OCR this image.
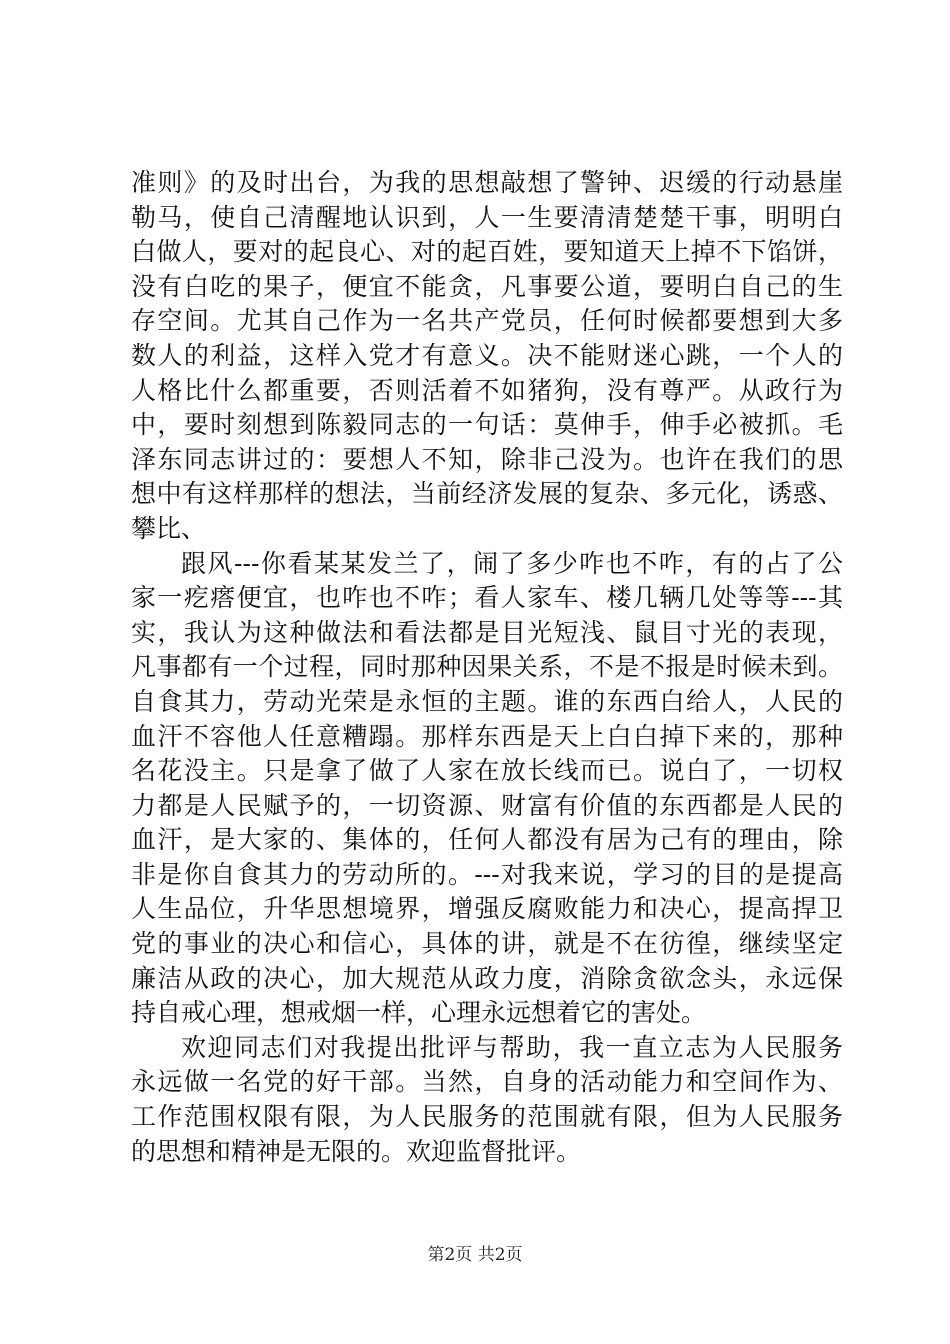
准则》的及时出台，为我的思想敲想了警钟、迟缓的行动悬崖
勒马，使自己清醒地认识到，人一生要清清楚楚干事，明明白
白做人，要对的起良心、对的起百姓，要知道天上掉不下馅饼，
没有白吃的果子，便宜不能贪，凡事要公道，要明白自己的生
存空间。尤其自己作为一名共产党员，任何时候都要想到大多
数人的利益，这样入党才有意义。决不能财迷心跳，一个人的
人格比什么都重要，否则活着不如猪狗，没有尊严。从政行为
中，要时刻想到陈毅同志的一句话：莫伸手，伸手必被抓。毛
泽东同志讲过的：要想人不知，除非己没为。也许在我们的思
想中有这样那样的想法，当前经济发展的复杂、多元化，诱惑、
攀比、
跟风---你看某某发兰了，闹了多少咋也不咋，有的占了公
家一疙瘩便宜，也咋也不咋；看人家车、楼几辆几处等等---其
实，我认为这种做法和看法都是目光短浅、鼠目寸光的表现，
凡事都有一个过程，同时那种因果关系，不是不报是时候未到。
自食其力，劳动光荣是永恒的主题。谁的东西白给人，人民的
血汗不容他人任意糟蹋。那样东西是天上白白掉下来的，那种
名花没主。只是拿了做了人家在放长线而已。说白了，一切权
力都是人民赋予的，一切资源、财富有价值的东西都是人民的
血汗，是大家的、集体的，任何人都没有居为己有的理由，除
非是你自食其力的劳动所的。---对我来说，学习的目的是提高
人生品位，升华思想境界，增强反腐败能力和决心，提高捍卫
党的事业的决心和信心，具体的讲，就是不在彷徨，继续坚定
廉洁从政的决心，加大规范从政力度，消除贪欲念头，永远保
持自戒心理，想戒烟一样，心理永远想着它的害处。
欢迎同志们对我提出批评与帮助，我一直立志为人民服务
永远做一名党的好干部。当然，自身的活动能力和空间作为、
工作范围权限有限，为人民服务的范围就有限，但为人民服务
的思想和精神是无限的。欢迎监督批评。
第2页 共2页
